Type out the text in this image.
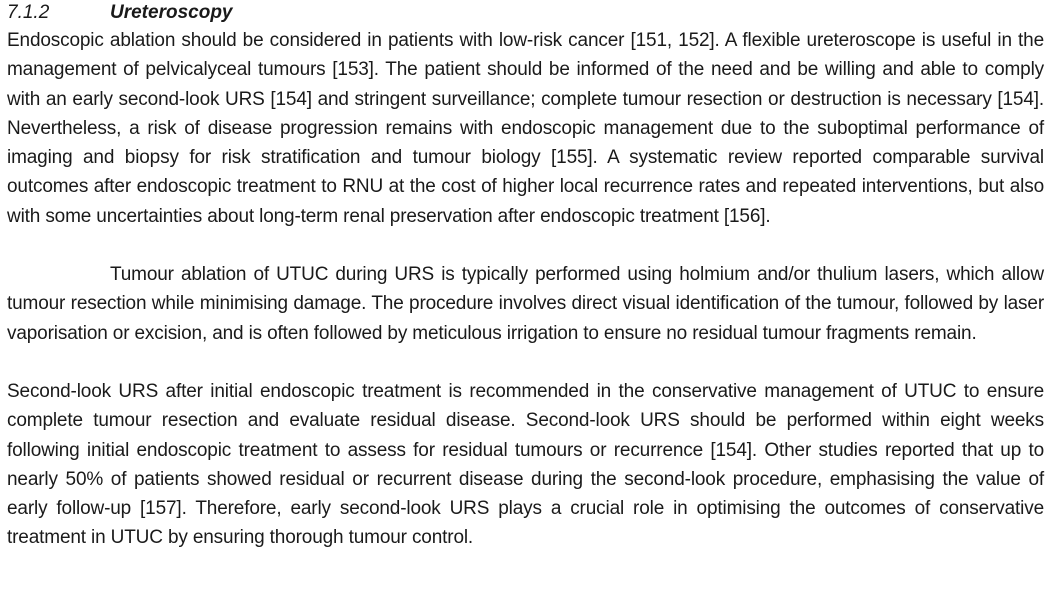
7.1.2	Ureteroscopy

Endoscopic ablation should be considered in patients with low-risk cancer [151, 152]. A flexible ureteroscope is useful in the management of pelvicalyceal tumours [153]. The patient should be informed of the need and be willing and able to comply with an early second-look URS [154] and stringent surveillance; complete tumour resection or destruction is necessary [154]. Nevertheless, a risk of disease progression remains with endoscopic management due to the suboptimal performance of imaging and biopsy for risk stratification and tumour biology [155]. A systematic review reported comparable survival outcomes after endoscopic treatment to RNU at the cost of higher local recurrence rates and repeated interventions, but also with some uncertainties about long-term renal preservation after endoscopic treatment [156].

Tumour ablation of UTUC during URS is typically performed using holmium and/or thulium lasers, which allow tumour resection while minimising damage. The procedure involves direct visual identification of the tumour, followed by laser vaporisation or excision, and is often followed by meticulous irrigation to ensure no residual tumour fragments remain.

Second-look URS after initial endoscopic treatment is recommended in the conservative management of UTUC to ensure complete tumour resection and evaluate residual disease. Second-look URS should be performed within eight weeks following initial endoscopic treatment to assess for residual tumours or recurrence [154]. Other studies reported that up to nearly 50% of patients showed residual or recurrent disease during the second-look procedure, emphasising the value of early follow-up [157]. Therefore, early second-look URS plays a crucial role in optimising the outcomes of conservative treatment in UTUC by ensuring thorough tumour control.
